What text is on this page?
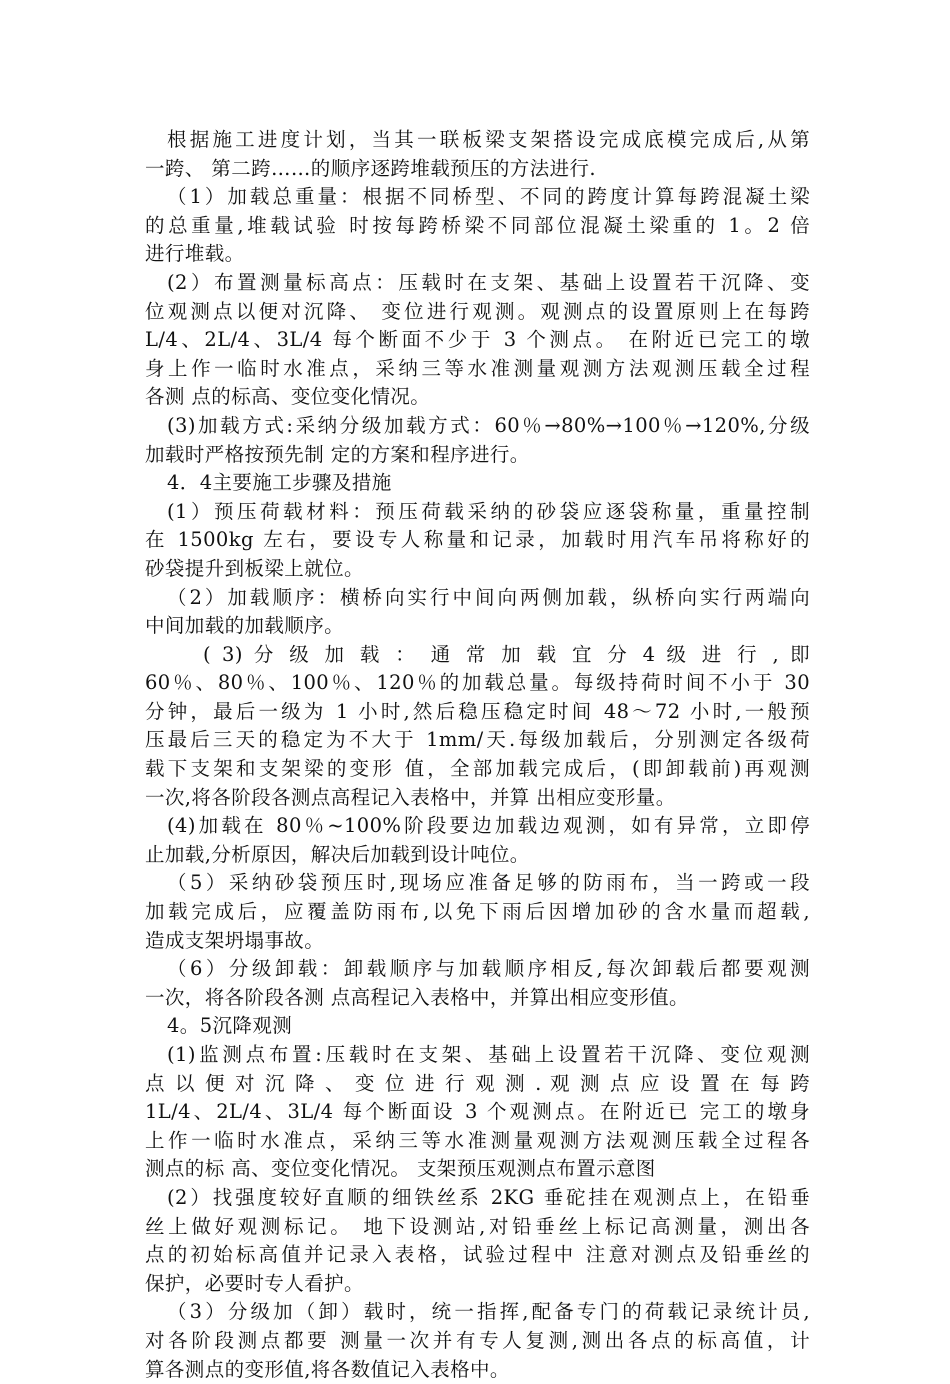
根据施工进度计划，当其一联板梁支架搭设完成底模完成后,从第
一跨、 第二跨……的顺序逐跨堆载预压的方法进行.
（1）加载总重量：根据不同桥型、不同的跨度计算每跨混凝土梁
的总重量,堆载试验 时按每跨桥梁不同部位混凝土梁重的 1。2 倍
进行堆载。
(2）布置测量标高点：压载时在支架、基础上设置若干沉降、变
位观测点以便对沉降、 变位进行观测。观测点的设置原则上在每跨
L/4、2L/4、3L/4 每个断面不少于 3 个测点。 在附近已完工的墩
身上作一临时水准点，采纳三等水准测量观测方法观测压载全过程
各测 点的标高、变位变化情况。
(3)加载方式:采纳分级加载方式：60％→80%→100％→120%,分级
加载时严格按预先制 定的方案和程序进行。
4．4主要施工步骤及措施
(1）预压荷载材料：预压荷载采纳的砂袋应逐袋称量，重量控制
在 1500kg 左右，要设专人称量和记录，加载时用汽车吊将称好的
砂袋提升到板梁上就位。
（2）加载顺序：横桥向实行中间向两侧加载，纵桥向实行两端向
中间加载的加载顺序。
( 3) 分 级 加 载 ： 通 常 加 载 宜 分 4 级 进 行 , 即
60％、80％、100％、120％的加载总量。每级持荷时间不小于 30
分钟，最后一级为 1 小时,然后稳压稳定时间 48～72 小时,一般预
压最后三天的稳定为不大于 1mm/天.每级加载后，分别测定各级荷
载下支架和支架梁的变形 值，全部加载完成后，(即卸载前)再观测
一次,将各阶段各测点高程记入表格中，并算 出相应变形量。
(4)加载在 80％~100%阶段要边加载边观测，如有异常，立即停
止加载,分析原因，解决后加载到设计吨位。
（5）采纳砂袋预压时,现场应准备足够的防雨布，当一跨或一段
加载完成后，应覆盖防雨布,以免下雨后因增加砂的含水量而超载,
造成支架坍塌事故。
（6）分级卸载：卸载顺序与加载顺序相反,每次卸载后都要观测
一次，将各阶段各测 点高程记入表格中，并算出相应变形值。
4。5沉降观测
(1)监测点布置:压载时在支架、基础上设置若干沉降、变位观测
点 以 便 对 沉 降 、 变 位 进 行 观 测 . 观 测 点 应 设 置 在 每 跨
1L/4、2L/4、3L/4 每个断面设 3 个观测点。在附近已 完工的墩身
上作一临时水准点，采纳三等水准测量观测方法观测压载全过程各
测点的标 高、变位变化情况。 支架预压观测点布置示意图
(2）找强度较好直顺的细铁丝系 2KG 垂砣挂在观测点上，在铅垂
丝上做好观测标记。 地下设测站,对铅垂丝上标记高测量，测出各
点的初始标高值并记录入表格，试验过程中 注意对测点及铅垂丝的
保护，必要时专人看护。
（3）分级加（卸）载时，统一指挥,配备专门的荷载记录统计员,
对各阶段测点都要 测量一次并有专人复测,测出各点的标高值，计
算各测点的变形值,将各数值记入表格中。
